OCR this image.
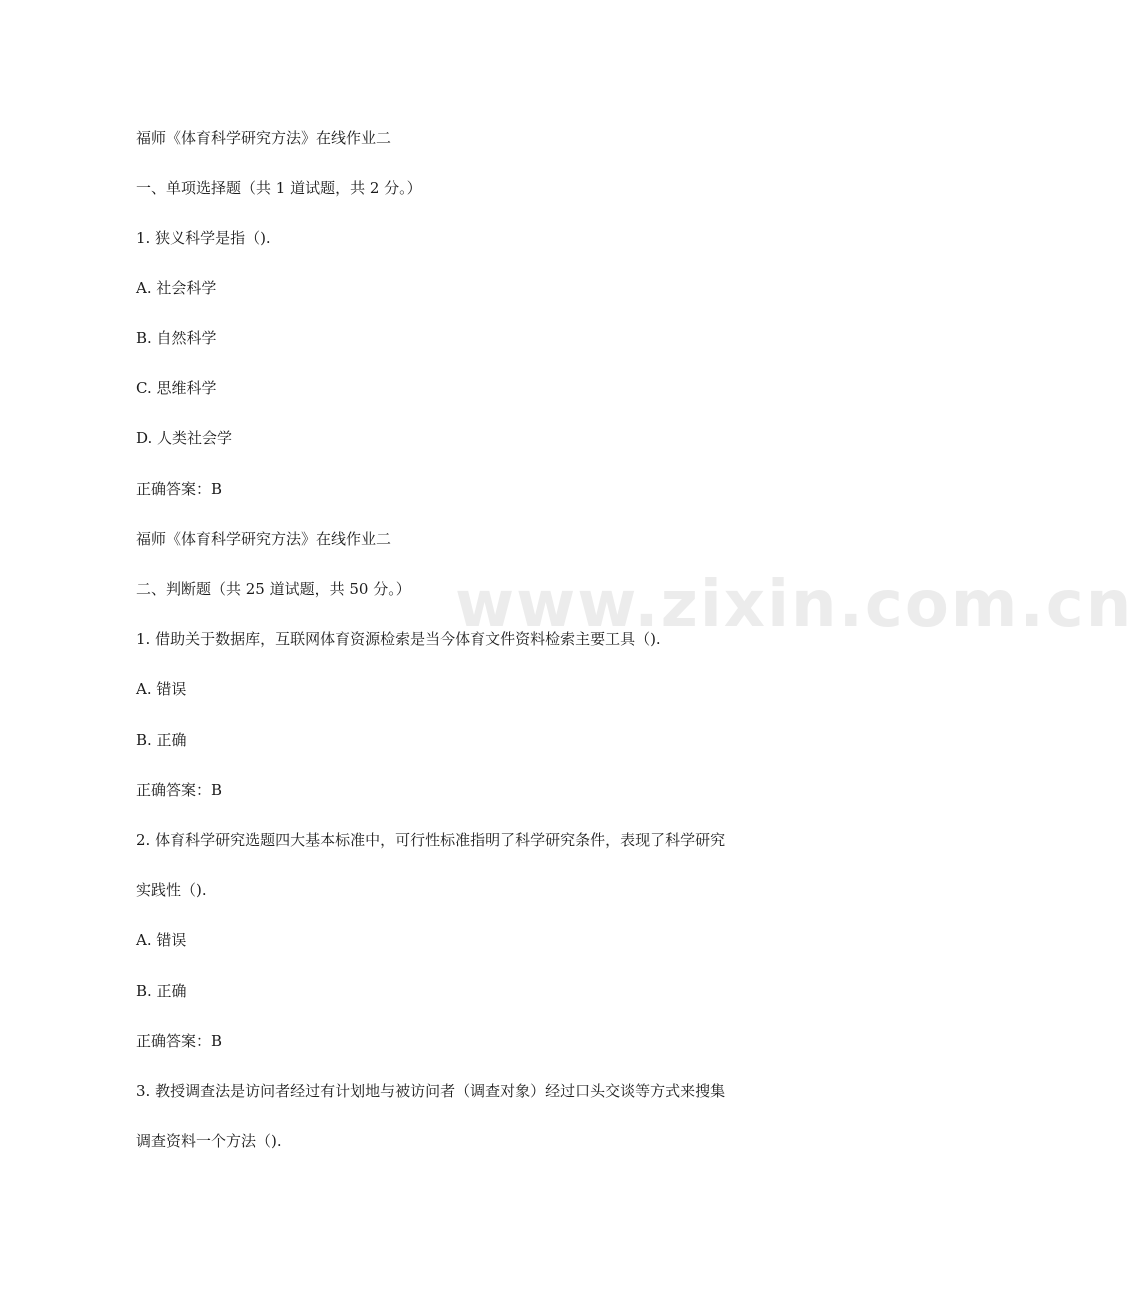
www.zixin.com.cn
福师《体育科学研究方法》在线作业二
一、单项选择题（共 1 道试题，共 2 分。）
1. 狭义科学是指（).
A. 社会科学
B. 自然科学
C. 思维科学
D. 人类社会学
正确答案：B
福师《体育科学研究方法》在线作业二
二、判断题（共 25 道试题，共 50 分。）
1. 借助关于数据库，互联网体育资源检索是当今体育文件资料检索主要工具（).
A. 错误
B. 正确
正确答案：B
2. 体育科学研究选题四大基本标准中，可行性标准指明了科学研究条件，表现了科学研究
实践性（).
A. 错误
B. 正确
正确答案：B
3. 教授调查法是访问者经过有计划地与被访问者（调查对象）经过口头交谈等方式来搜集
调查资料一个方法（).
